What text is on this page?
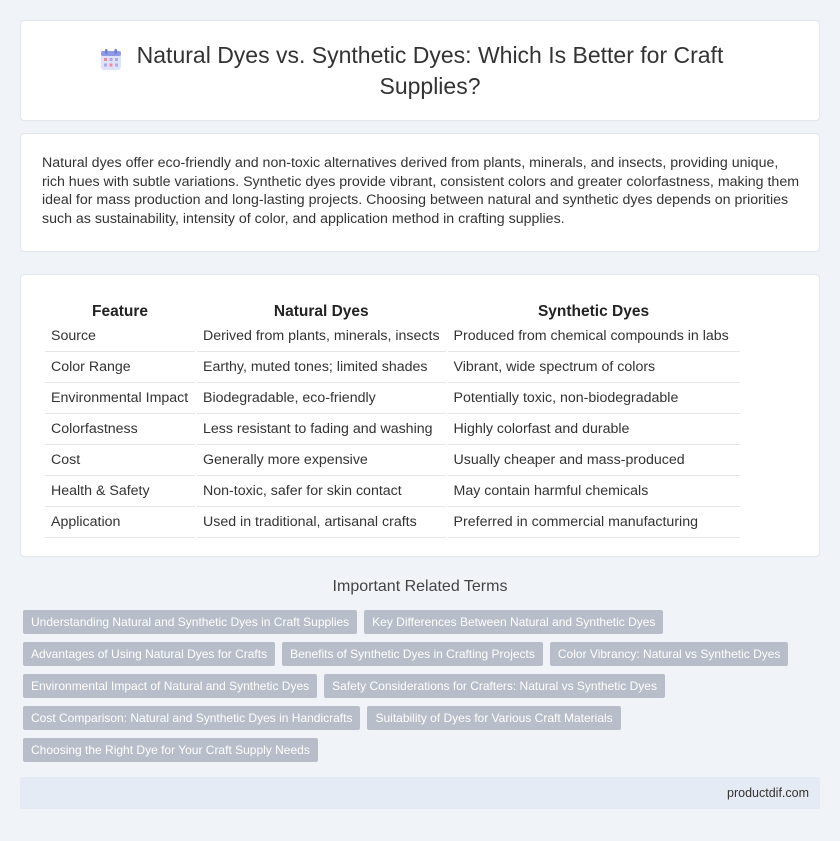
Natural Dyes vs. Synthetic Dyes: Which Is Better for Craft Supplies?

Natural dyes offer eco-friendly and non-toxic alternatives derived from plants, minerals, and insects, providing unique, rich hues with subtle variations. Synthetic dyes provide vibrant, consistent colors and greater colorfastness, making them ideal for mass production and long-lasting projects. Choosing between natural and synthetic dyes depends on priorities such as sustainability, intensity of color, and application method in crafting supplies.

Feature	Natural Dyes	Synthetic Dyes
Source	Derived from plants, minerals, insects	Produced from chemical compounds in labs
Color Range	Earthy, muted tones; limited shades	Vibrant, wide spectrum of colors
Environmental Impact	Biodegradable, eco-friendly	Potentially toxic, non-biodegradable
Colorfastness	Less resistant to fading and washing	Highly colorfast and durable
Cost	Generally more expensive	Usually cheaper and mass-produced
Health & Safety	Non-toxic, safer for skin contact	May contain harmful chemicals
Application	Used in traditional, artisanal crafts	Preferred in commercial manufacturing
Important Related Terms
Understanding Natural and Synthetic Dyes in Craft Supplies	Key Differences Between Natural and Synthetic Dyes
Advantages of Using Natural Dyes for Crafts	Benefits of Synthetic Dyes in Crafting Projects	Color Vibrancy: Natural vs Synthetic Dyes
Environmental Impact of Natural and Synthetic Dyes	Safety Considerations for Crafters: Natural vs Synthetic Dyes
Cost Comparison: Natural and Synthetic Dyes in Handicrafts	Suitability of Dyes for Various Craft Materials
Choosing the Right Dye for Your Craft Supply Needs
productdif.com
